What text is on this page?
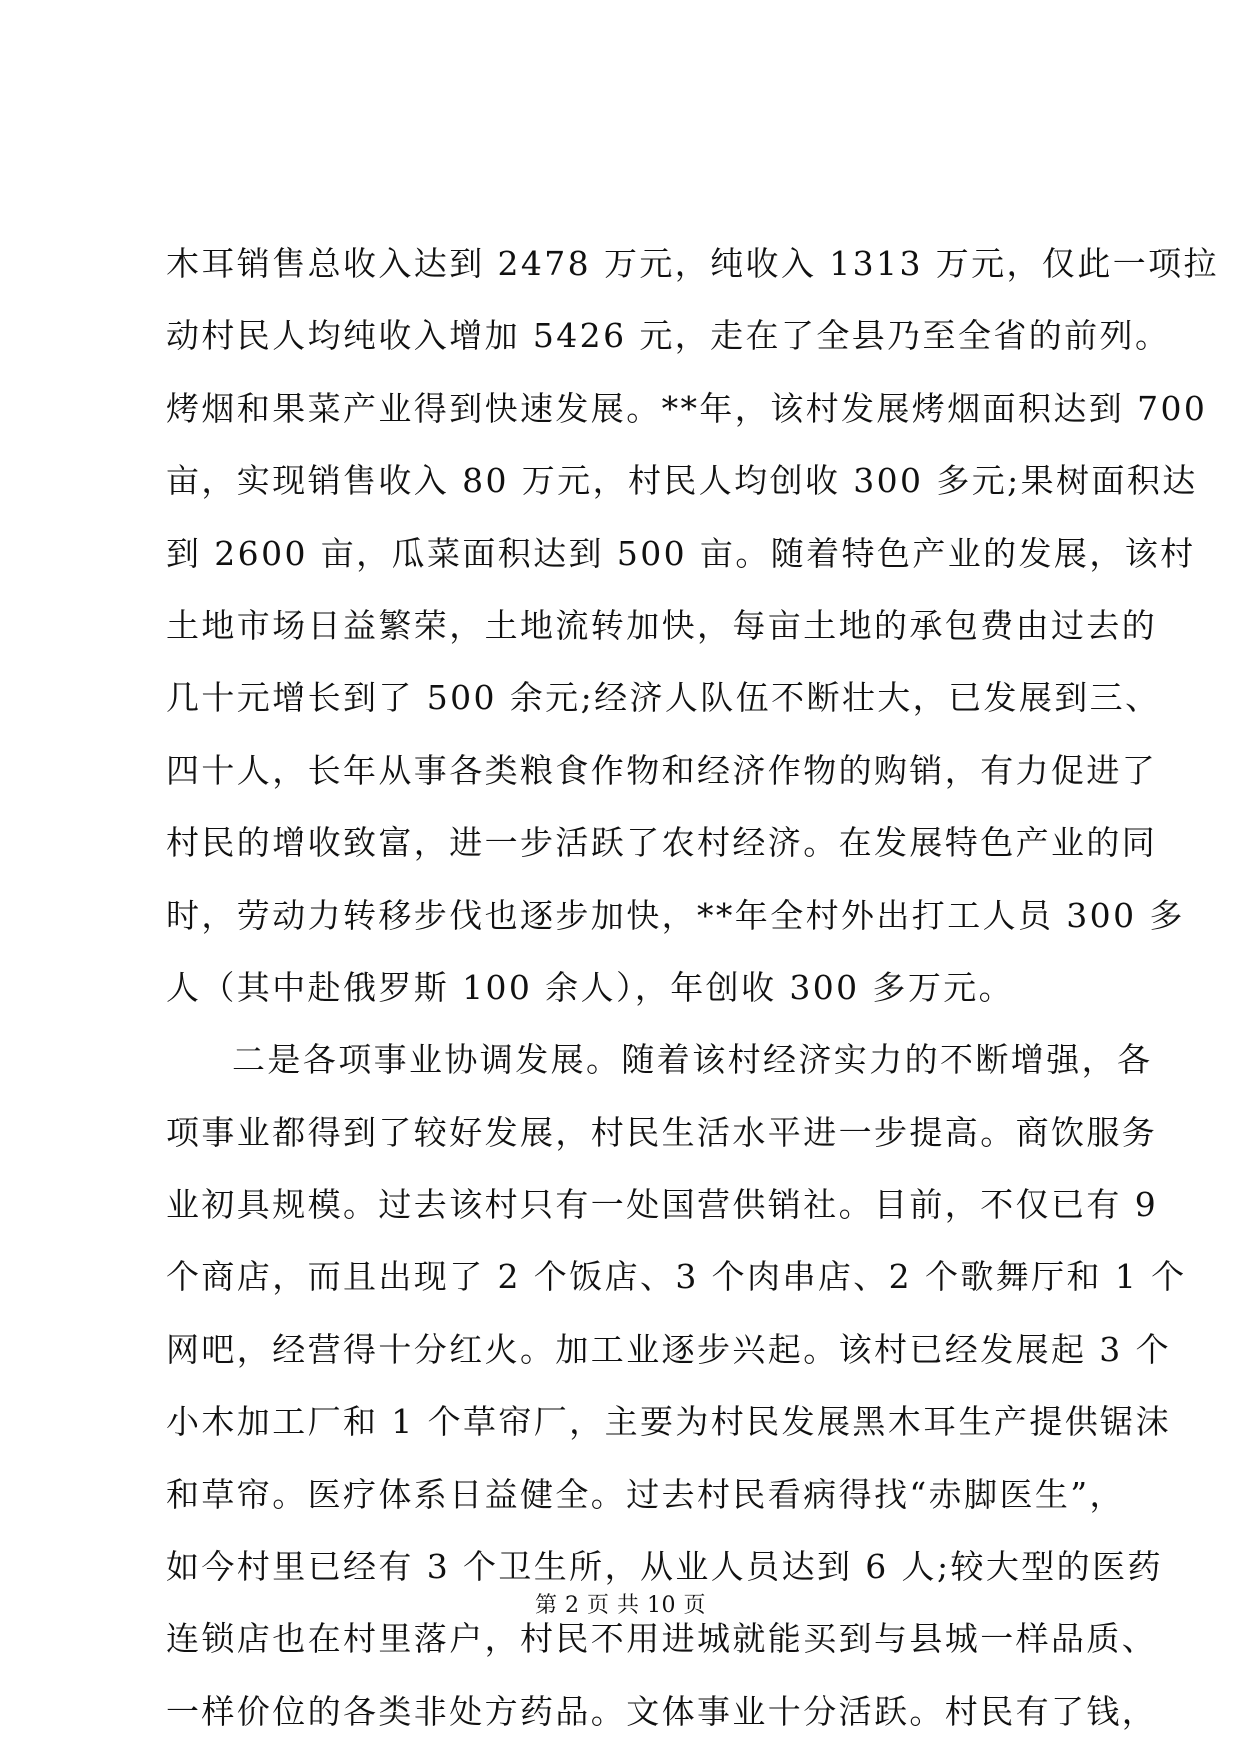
木耳销售总收入达到 2478 万元，纯收入 1313 万元，仅此一项拉
动村民人均纯收入增加 5426 元，走在了全县乃至全省的前列。
烤烟和果菜产业得到快速发展。**年，该村发展烤烟面积达到 700
亩，实现销售收入 80 万元，村民人均创收 300 多元;果树面积达
到 2600 亩，瓜菜面积达到 500 亩。随着特色产业的发展，该村
土地市场日益繁荣，土地流转加快，每亩土地的承包费由过去的
几十元增长到了 500 余元;经济人队伍不断壮大，已发展到三、
四十人，长年从事各类粮食作物和经济作物的购销，有力促进了
村民的增收致富，进一步活跃了农村经济。在发展特色产业的同
时，劳动力转移步伐也逐步加快，**年全村外出打工人员 300 多
人（其中赴俄罗斯 100 余人），年创收 300 多万元。
二是各项事业协调发展。随着该村经济实力的不断增强，各
项事业都得到了较好发展，村民生活水平进一步提高。商饮服务
业初具规模。过去该村只有一处国营供销社。目前，不仅已有 9
个商店，而且出现了 2 个饭店、3 个肉串店、2 个歌舞厅和 1 个
网吧，经营得十分红火。加工业逐步兴起。该村已经发展起 3 个
小木加工厂和 1 个草帘厂，主要为村民发展黑木耳生产提供锯沫
和草帘。医疗体系日益健全。过去村民看病得找“赤脚医生”，
如今村里已经有 3 个卫生所，从业人员达到 6 人;较大型的医药
连锁店也在村里落户，村民不用进城就能买到与县城一样品质、
一样价位的各类非处方药品。文体事业十分活跃。村民有了钱，
第 2 页 共 10 页
